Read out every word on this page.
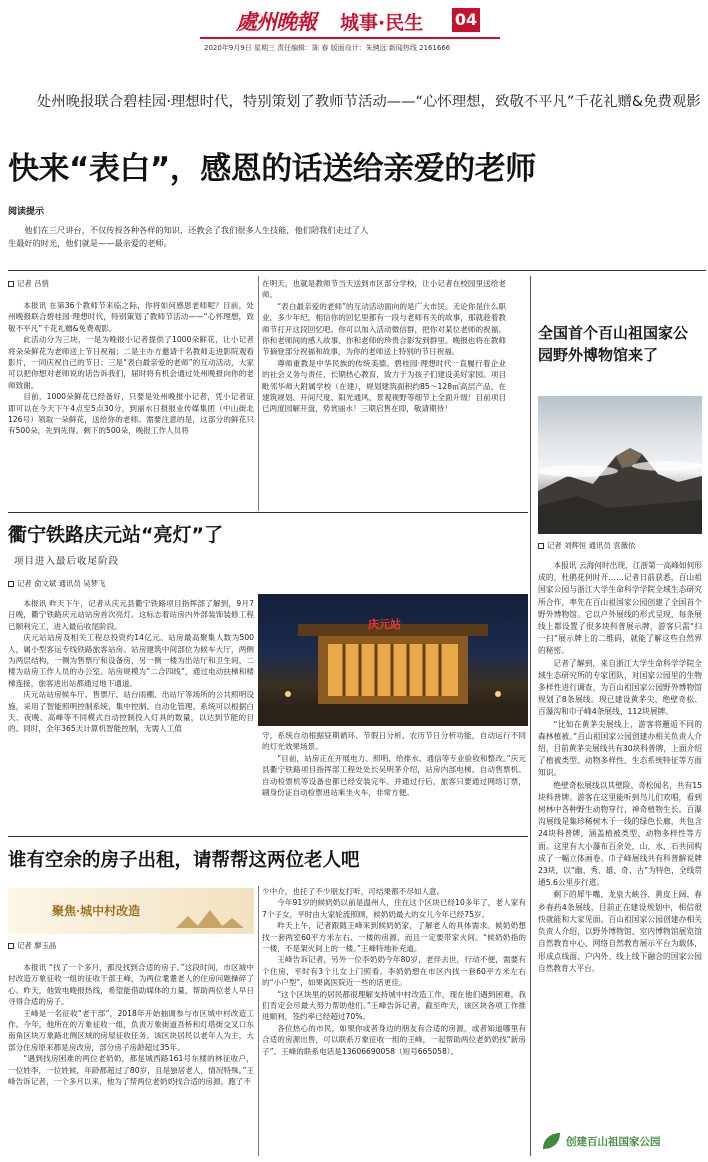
處州晚報 城事·民生 04
2020年9月9日 星期三 责任编辑：陈 春 版面设计：朱骋远 新闻热线 2161666
处州晚报联合碧桂园·理想时代，特别策划了教师节活动——“心怀理想，致敬不平凡”千花礼赠&免费观影
快来“表白”，感恩的话送给亲爱的老师
阅读提示
他们在三尺讲台，不仅传授各种各样的知识，还教会了我们很多人生技能，他们陪我们走过了人生最好的时光，他们就是——最亲爱的老师。
记者 吕悄

本报讯 在第36个教师节来临之际，你将如何感恩老师呢？目前，处州晚报联合碧桂园·理想时代，特别策划了教师节活动——“心怀理想，致敬不平凡”千花礼赠&免费观影。

此活动分为三块，一是为晚报小记者提供了1000朵鲜花，让小记者将朵朵鲜花为老师送上节日祝福；二是主办方邀请千名教师走进影院观看影片，一同庆祝自己的节日；三是“表白最亲爱的老师”的互动活动，大家可以把你想对老师说的话告诉我们，届时将有机会通过处州晚报向你的老师致谢。

目前，1000朵鲜花已经备好，只要是处州晚报小记者，凭小记者证即可以在今天下午4点至5点30分，到丽水日报报业传媒集团（中山街北126号）领取一朵鲜花，送给你的老师。需要注意的是，这部分的鲜花只有500朵，先到先得。剩下的500朵，晚报工作人员将

在明天，也就是教师节当天送到市区部分学校，让小记者在校园里送给老师。

“表白最亲爱的老师”的互动活动面向的是广大市民。无论你是什么职业，多少年纪，相信你的回忆里都有一段与老师有关的故事，那就趁着教师节打开这段回忆吧。你可以加入活动微信群，把你对某位老师的祝福、你和老师间的感人故事、你和老师的珍贵合影发到群里。晚报也将在教师节摘登部分祝福和故事，为你的老师送上特别的节日祝福。

尊师重教是中华民族的传统美德。碧桂园·理想时代一直履行着企业的社会义务与责任，长期热心教育，致力于为孩子们建设美好家园。项目毗邻华师大附属学校（在建），规划建筑面积约85～128㎡高层产品，在建筑规划、开间尺度、阳光通风、景观视野等细节上全面升级！目前项目已两度园解开盘，势赏丽水！三期启售在即，敬请期待！

全国首个百山祖国家公园野外博物馆来了
记者 刘辉恒 通讯员 袁薇依

本报讯 云海何时出现，江浙第一高峰如何形成的，杜鹃花何时开……记者日前获悉，百山祖国家公园与浙江大学生命科学学院全域生态研究所合作，率先在百山祖国家公园创建了全国首个野外博物馆。它以户外展线的形式呈现，每条展线上都设置了很多块科普展示牌，游客只需“扫一扫”展示牌上的二维码，就能了解这些自然界的秘密。

记者了解到，来自浙江大学生命科学学院全域生态研究所的专家团队，对国家公园里的生物多样性进行调查，为百山祖国家公园野外博物馆规划了8条展线。现已建设黄茅尖、绝壁奇松、百瀑沟和巾子峰4条展线、112块展牌。

“比如在黄茅尖展线上，游客将邂逅不同的森林植被。”百山祖国家公园创建办相关负责人介绍，目前黄茅尖展线共有30块科普牌，上面介绍了植被类型、动物多样性、生态系统特征等方面知识。

绝壁奇松展线以其壁险、奇松闻名，共有15块科普牌。游客在这里能听到鸟儿们欢唱，看到树林中各种野生动物穿行，神奇植物生长。百瀑沟展线是集珍稀树木于一线的绿色长廊，共包含24块科普牌，涵盖植被类型、动物多样性等方面。这里有大小瀑布百余处，山、水、石共同构成了一幅立体画卷。巾子峰展线共有科普解说牌23块，以“幽、秀、雄、奇、古”为特色，全线贯通5.6公里步行道。

剩下的犀牛嘴、龙泉大峡谷、黄皮上阔、春乡春药4条展线，目前正在建设规划中，相信很快就能和大家见面。百山祖国家公园创建办相关负责人介绍，以野外博物馆、室内博物馆展览馆自然教育中心、网络自然教育展示平台为载体，形成点线面、户内外、线上线下融合的国家公园自然教育大平台。

创建百山祖国家公园
衢宁铁路庆元站“亮灯”了
项目进入最后收尾阶段
记者 俞文斌 通讯员 吴梦飞
庆元站

本报讯 昨天下午，记者从庆元县衢宁铁路项目指挥部了解到，9月7日晚，衢宁铁路庆元站站房首次亮灯。这标志着站房内外部装饰装修工程已顺利完工，进入最后收尾阶段。

庆元站站房及相关工程总投资约14亿元。站房最高聚集人数为500人，属小型客运专线铁路旅客站房。站房建筑中间部位为候车大厅，两侧为两层结构，一侧为售票厅和设备房，另一侧一楼为出站厅和卫生间，二楼为站房工作人员的办公室。站房规模为“二合四线”，通过电动扶梯和楼梯连接，旅客进出站都通过地下通道。

庆元站站房候车厅、售票厅、站台雨棚、出站厅等场所的公共照明设施，采用了智能照明控制系统，集中控制、自动化管理。系统可以根据白天、夜晚、高峰等不同模式自动控制投入灯具的数量，以达到节能的目的。同时，全年365天计算机智能控制，无需人工值

守，系统自动根据昼期循环、节假日分析、农历节日分析功能，自动运行不同的灯光效果场景。

“目前，站房正在开展电力、照明、给排水、通信等专业验收和整改。”庆元县衢宁铁路项目指挥部工程处处长吴明茅介绍，站房内部电梯、自动售票机、自动检票机等设备也都已经安装完毕。并通过行后，旅客只要通过网络订票，刷身份证自动检票进站乘坐火车，非常方便。

谁有空余的房子出租，请帮帮这两位老人吧
聚焦·城中村改造
记者 廖玉晶

本报讯 “找了一个多月，都没找到合适的房子。”这段时间，市区城中村改造万象征收一组的征收干部王峰，为两位耄耋老人的住房问题操碎了心。昨天，他致电晚报热线，希望能借助媒体的力量，帮助两位老人早日寻得合适的房子。

王峰是一名征收“老干部”，2018年开始抽调参与市区城中村改造工作。今年，他所在的万象征收一组，负责万象街道吾桥和灯塔街交叉口东南角区块万象路北侧区域的房屋征收任务。该区块居民以老年人为主，大部分住房原来都是房改房，部分房子房龄超过35年。

“遇到找房困难的两位老奶奶，都是城西路161号东楼的林征收户，一位姓李，一位姓候，年龄都超过了80岁，且是独居老人，情况特殊。”王峰告诉记者，一个多月以来，他为了帮两位老奶奶找合适的房源，跑了不

少中介，也托了不少朋友打听，可结果都不尽如人意。

今年91岁的候奶奶以前是温州人，住在这个区块已经10多年了，老人家有7个子女，平时由大家轮流照顾，候奶奶最大的女儿今年已经75岁。

昨天上午，记者跟随王峰来到候奶奶家，了解老人的具体需求。候奶奶想找一套两室60平方米左右、一楼的房源，而且一定要带家火间。“候奶奶指的一楼，不是架火间上的一楼。”王峰特地补充道。

王峰告诉记者，另外一位李奶奶今年80岁，老伴去世，行动不便，需要有个住房，平时有3个儿女上门照看。李奶奶想在市区内找一套60平方米左右的“小户型”，如果离医院近一些的话更佳。

“这个区块里的居民都很理解支持城中村改造工作，现在他们遇到困难，我们肯定会尽最大努力帮助他们。”王峰告诉记者，截至昨天，该区块各项工作推进顺利，签约率已经超过70%。

各位热心的市民，如果你或者身边的朋友有合适的房源，或者知道哪里有合适的房源出售，可以联系万象征收一组的王峰，一起帮助两位老奶奶找“新房子”。王峰的联系电话是13606690058（短号665058）。
